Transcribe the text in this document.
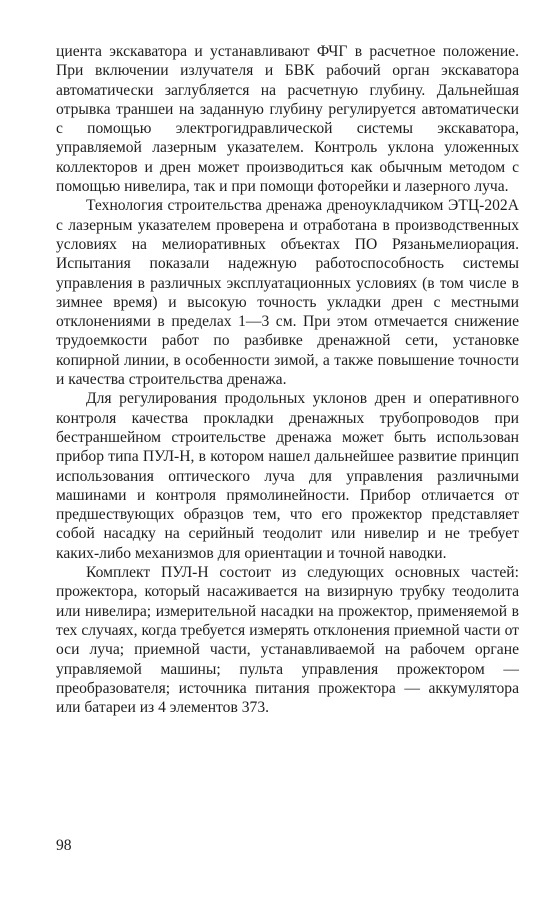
циента экскаватора и устанавливают ФЧГ в расчетное положение. При включении излучателя и БВК рабочий орган экскаватора автоматически заглубляется на расчетную глубину. Дальнейшая отрывка траншеи на заданную глубину регулируется автоматически с помощью электрогидравлической системы экскаватора, управляемой лазерным указателем. Контроль уклона уложенных коллекторов и дрен может производиться как обычным методом с помощью нивелира, так и при помощи фотορейки и лазерного луча.

Технология строительства дренажа дреноукладчиком ЭТЦ-202А с лазерным указателем проверена и отработана в производственных условиях на мелиоративных объектах ПО Рязаньмелиорация. Испытания показали надежную работоспособность системы управления в различных эксплуатационных условиях (в том числе в зимнее время) и высокую точность укладки дрен с местными отклонениями в пределах 1—3 см. При этом отмечается снижение трудоемкости работ по разбивке дренажной сети, установке копирной линии, в особенности зимой, а также повышение точности и качества строительства дренажа.

Для регулирования продольных уклонов дрен и оперативного контроля качества прокладки дренажных трубопроводов при бестраншейном строительстве дренажа может быть использован прибор типа ПУЛ-Н, в котором нашел дальнейшее развитие принцип использования оптического луча для управления различными машинами и контроля прямолинейности. Прибор отличается от предшествующих образцов тем, что его прожектор представляет собой насадку на серийный теодолит или нивелир и не требует каких-либо механизмов для ориентации и точной наводки.

Комплект ПУЛ-Н состоит из следующих основных частей: прожектора, который насаживается на визирную трубку теодолита или нивелира; измерительной насадки на прожектор, применяемой в тех случаях, когда требуется измерять отклонения приемной части от оси луча; приемной части, устанавливаемой на рабочем органе управляемой машины; пульта управления прожектором — преобразователя; источника питания прожектора — аккумулятора или батареи из 4 элементов 373.

98
